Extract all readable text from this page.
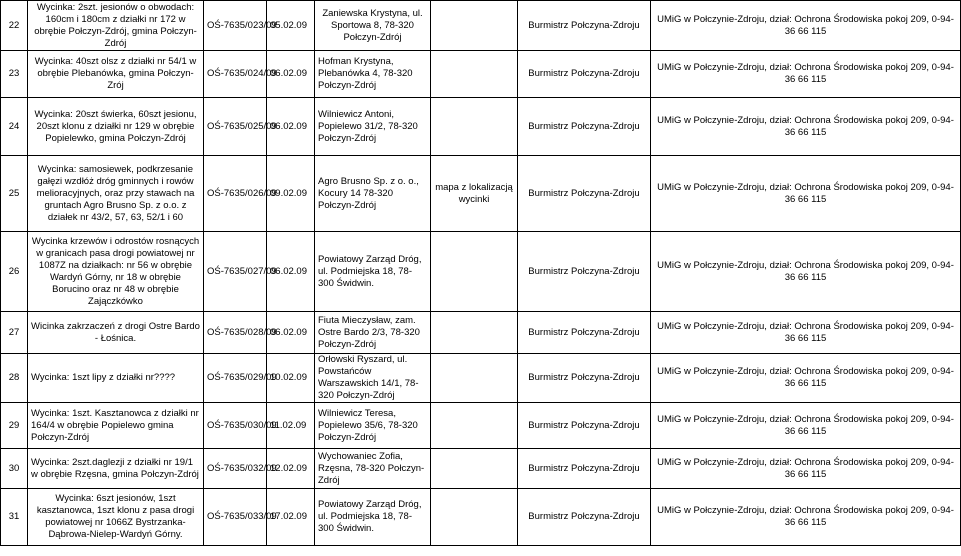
22	Wycinka: 2szt. jesionów o obwodach: 160cm i 180cm z działki nr 172 w obrębie Połczyn-Zdrój, gmina Połczyn-Zdrój	OŚ-7635/023/09	05.02.09	Zaniewska Krystyna, ul. Sportowa 8, 78-320 Połczyn-Zdrój		Burmistrz Połczyna-Zdroju	UMiG w Połczynie-Zdroju, dział: Ochrona Środowiska pokoj 209, 0-94-36 66 115
23	Wycinka: 40szt olsz z działki nr 54/1 w obrębie Plebanówka, gmina Połczyn-Zrój	OŚ-7635/024/09	06.02.09	Hofman Krystyna, Plebanówka 4, 78-320 Połczyn-Zdrój		Burmistrz Połczyna-Zdroju	UMiG w Połczynie-Zdroju, dział: Ochrona Środowiska pokoj 209, 0-94-36 66 115
24	Wycinka: 20szt świerka, 60szt jesionu, 20szt klonu z działki nr 129 w obrębie Popielewko, gmina Połczyn-Zdrój	OŚ-7635/025/09	06.02.09	Wilniewicz Antoni, Popielewo 31/2, 78-320 Połczyn-Zdrój		Burmistrz Połczyna-Zdroju	UMiG w Połczynie-Zdroju, dział: Ochrona Środowiska pokoj 209, 0-94-36 66 115
25	Wycinka: samosiewek, podkrzesanie gałęzi wzdłóż dróg gminnych i rowów melioracyjnych, oraz przy stawach na gruntach Agro Brusno Sp. z o.o. z działek nr 43/2, 57, 63, 52/1 i 60	OŚ-7635/026/09	09.02.09	Agro Brusno Sp. z o. o., Kocury 14 78-320 Połczyn-Zdrój	mapa z lokalizacją wycinki	Burmistrz Połczyna-Zdroju	UMiG w Połczynie-Zdroju, dział: Ochrona Środowiska pokoj 209, 0-94-36 66 115
26	Wycinka krzewów i odrostów rosnących w granicach pasa drogi powiatowej nr 1087Z na działkach: nr 56 w obrębie Wardyń Górny, nr 18 w obrębie Borucino oraz nr 48 w obrębie Zajączkówko	OŚ-7635/027/09	06.02.09	Powiatowy Zarząd Dróg, ul. Podmiejska 18, 78-300 Świdwin.		Burmistrz Połczyna-Zdroju	UMiG w Połczynie-Zdroju, dział: Ochrona Środowiska pokoj 209, 0-94-36 66 115
27	Wicinka zakrzaczeń z drogi Ostre Bardo - Łośnica.	OŚ-7635/028/09	06.02.09	Fiuta Mieczysław, zam. Ostre Bardo 2/3, 78-320 Połczyn-Zdrój		Burmistrz Połczyna-Zdroju	UMiG w Połczynie-Zdroju, dział: Ochrona Środowiska pokoj 209, 0-94-36 66 115
28	Wycinka: 1szt lipy z działki nr????	OŚ-7635/029/09	10.02.09	Orłowski Ryszard, ul. Powstańców Warszawskich 14/1, 78-320 Połczyn-Zdrój		Burmistrz Połczyna-Zdroju	UMiG w Połczynie-Zdroju, dział: Ochrona Środowiska pokoj 209, 0-94-36 66 115
29	Wycinka: 1szt. Kasztanowca z działki nr 164/4 w obrębie Popielewo gmina Połczyn-Zdrój	OŚ-7635/030/09	11.02.09	Wilniewicz Teresa, Popielewo 35/6, 78-320 Połczyn-Zdrój		Burmistrz Połczyna-Zdroju	UMiG w Połczynie-Zdroju, dział: Ochrona Środowiska pokoj 209, 0-94-36 66 115
30	Wycinka: 2szt.daglezji z działki nr 19/1 w obrębie Rzęsna, gmina Połczyn-Zdrój	OŚ-7635/032/09	12.02.09	Wychowaniec Zofia, Rzęsna, 78-320 Połczyn-Zdrój		Burmistrz Połczyna-Zdroju	UMiG w Połczynie-Zdroju, dział: Ochrona Środowiska pokoj 209, 0-94-36 66 115
31	Wycinka: 6szt jesionów, 1szt kasztanowca, 1szt klonu z pasa drogi powiatowej nr 1066Z Bystrzanka-Dąbrowa-Nielep-Wardyń Górny.	OŚ-7635/033/09	17.02.09	Powiatowy Zarząd Dróg, ul. Podmiejska 18, 78-300 Świdwin.		Burmistrz Połczyna-Zdroju	UMiG w Połczynie-Zdroju, dział: Ochrona Środowiska pokoj 209, 0-94-36 66 115
